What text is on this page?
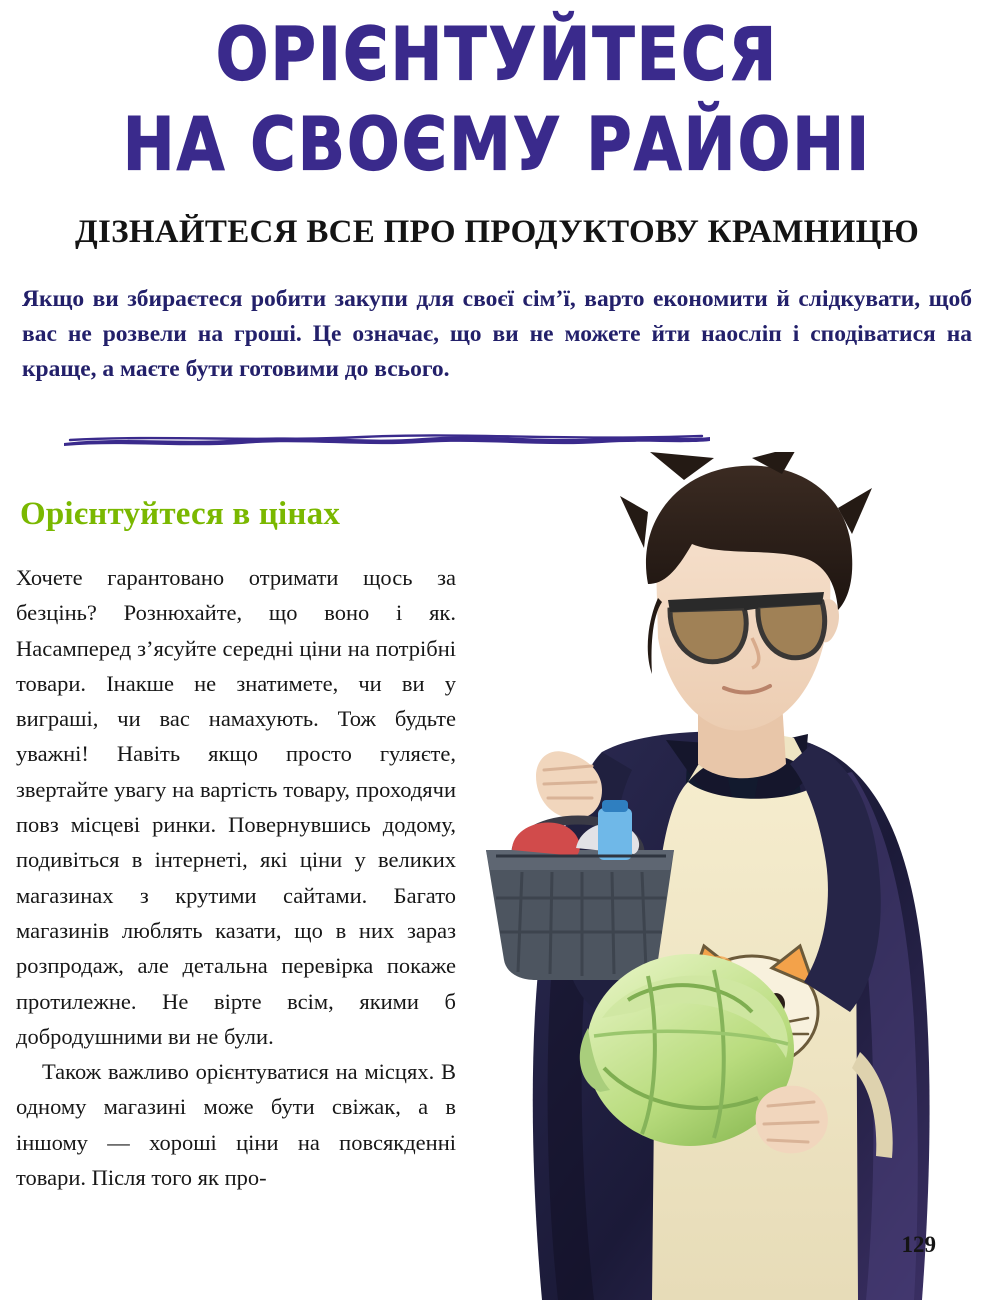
ОРІЄНТУЙТЕСЯ
НА СВОЄМУ РАЙОНІ
ДІЗНАЙТЕСЯ ВСЕ ПРО ПРОДУКТОВУ КРАМНИЦЮ
Якщо ви збираєтеся робити закупи для своєї сім’ї, варто економити й слідкувати, щоб вас не розвели на гроші. Це означає, що ви не можете йти наосліп і сподіватися на краще, а маєте бути готовими до всього.
Орієнтуйтеся в цінах

Хочете гарантовано отримати щось за безцінь? Рознюхайте, що воно і як. Насамперед з’ясуйте середні ціни на потрібні товари. Інакше не знатимете, чи ви у виграші, чи вас намахують. Тож будьте уважні! Навіть якщо просто гуляєте, звертайте увагу на вартість товару, проходячи повз місцеві ринки. Повернувшись додому, подивіться в інтернеті, які ціни у великих магазинах з крутими сайтами. Багато магазинів люблять казати, що в них зараз розпродаж, але детальна перевірка покаже протилежне. Не вірте всім, якими б добродушними ви не були.

Також важливо орієнтуватися на місцях. В одному магазині може бути свіжак, а в іншому — хороші ціни на повсякденні товари. Після того як про-

129
